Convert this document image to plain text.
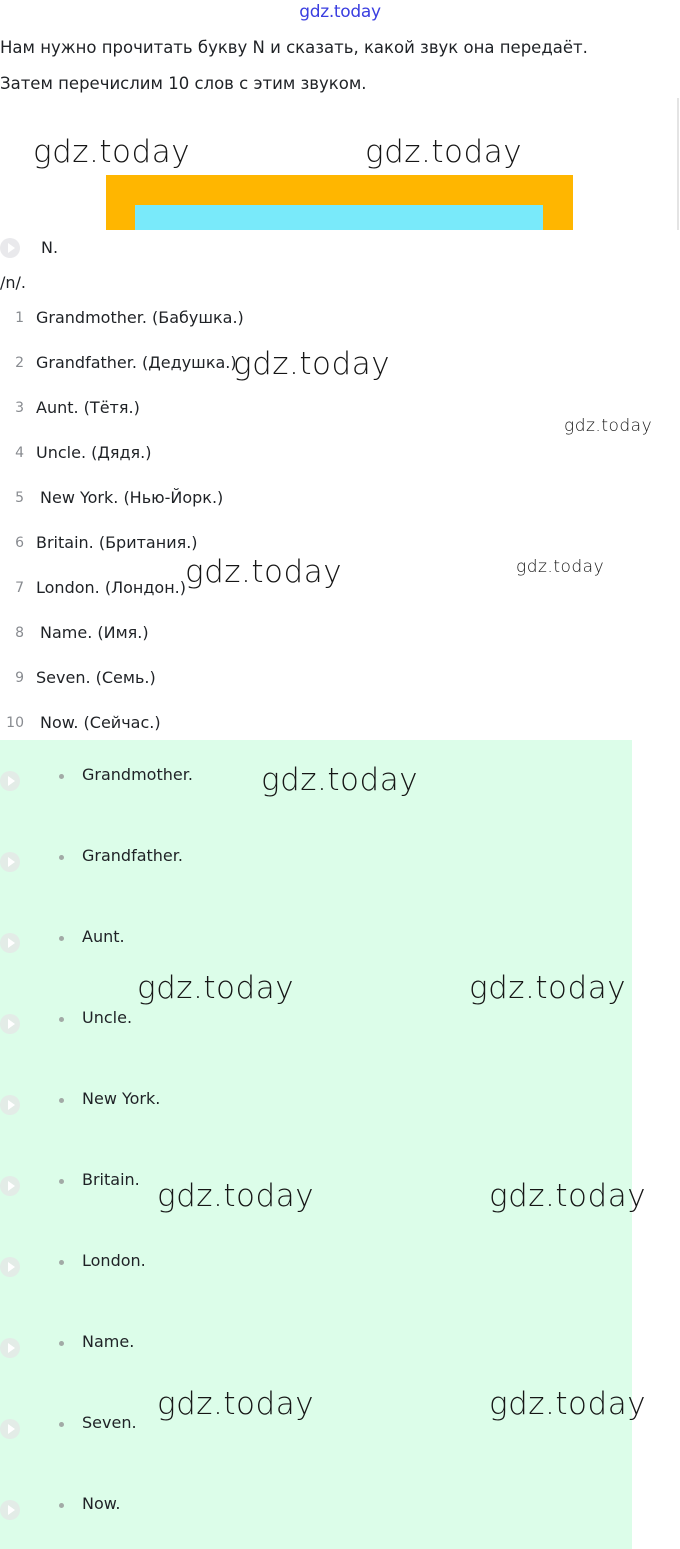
gdz.today
Нам нужно прочитать букву N и сказать, какой звук она передаёт. Затем перечислим 10 слов с этим звуком.
N.
/n/.
1 Grandmother. (Бабушка.)
2 Grandfather. (Дедушка.)
3 Aunt. (Тётя.)
4 Uncle. (Дядя.)
5 New York. (Нью-Йорк.)
6 Britain. (Британия.)
7 London. (Лондон.)
8 Name. (Имя.)
9 Seven. (Семь.)
10 Now. (Сейчас.)
Grandmother.
Grandfather.
Aunt.
Uncle.
New York.
Britain.
London.
Name.
Seven.
Now.
gdz.today	gdz.today
gdz.today
gdz.today
gdz.today	gdz.today
gdz.today
gdz.today	gdz.today
gdz.today	gdz.today
gdz.today	gdz.today
